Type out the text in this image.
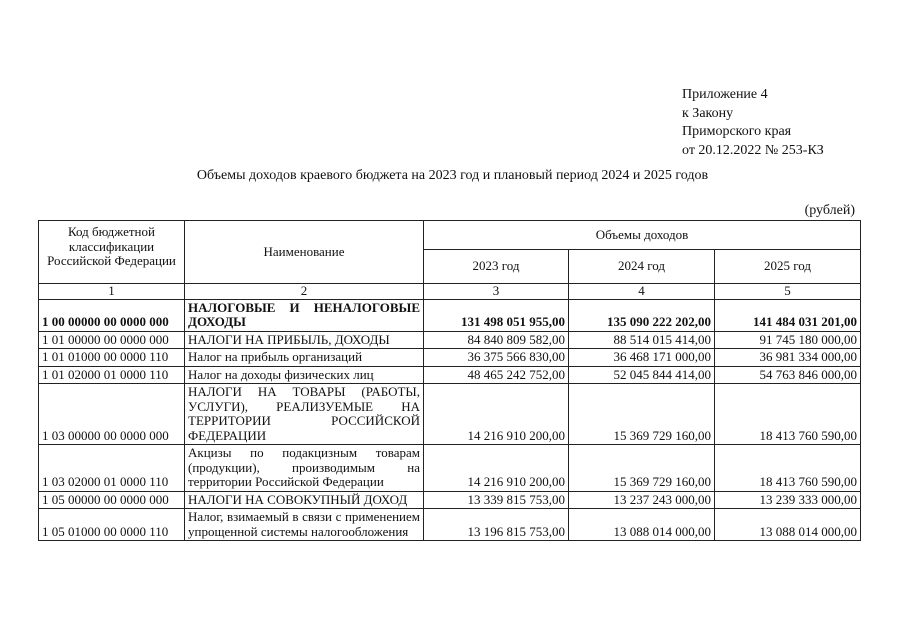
Приложение 4
к Закону
Приморского края
от 20.12.2022 № 253-КЗ
Объемы доходов краевого бюджета на 2023 год и плановый период 2024 и 2025 годов
(рублей)
Код бюджетной классификации Российской Федерации	Наименование	Объемы доходов		
		2023 год	2024 год	2025 год
1	2	3	4	5
1 00 00000 00 0000 000	НАЛОГОВЫЕ И НЕНАЛОГОВЫЕ ДОХОДЫ	131 498 051 955,00	135 090 222 202,00	141 484 031 201,00
1 01 00000 00 0000 000	НАЛОГИ НА ПРИБЫЛЬ, ДОХОДЫ	84 840 809 582,00	88 514 015 414,00	91 745 180 000,00
1 01 01000 00 0000 110	Налог на прибыль организаций	36 375 566 830,00	36 468 171 000,00	36 981 334 000,00
1 01 02000 01 0000 110	Налог на доходы физических лиц	48 465 242 752,00	52 045 844 414,00	54 763 846 000,00
1 03 00000 00 0000 000	НАЛОГИ НА ТОВАРЫ (РАБОТЫ, УСЛУГИ), РЕАЛИЗУЕМЫЕ НА ТЕРРИТОРИИ РОССИЙСКОЙ ФЕДЕРАЦИИ	14 216 910 200,00	15 369 729 160,00	18 413 760 590,00
1 03 02000 01 0000 110	Акцизы по подакцизным товарам (продукции), производимым на территории Российской Федерации	14 216 910 200,00	15 369 729 160,00	18 413 760 590,00
1 05 00000 00 0000 000	НАЛОГИ НА СОВОКУПНЫЙ ДОХОД	13 339 815 753,00	13 237 243 000,00	13 239 333 000,00
1 05 01000 00 0000 110	Налог, взимаемый в связи с применением упрощенной системы налогообложения	13 196 815 753,00	13 088 014 000,00	13 088 014 000,00
